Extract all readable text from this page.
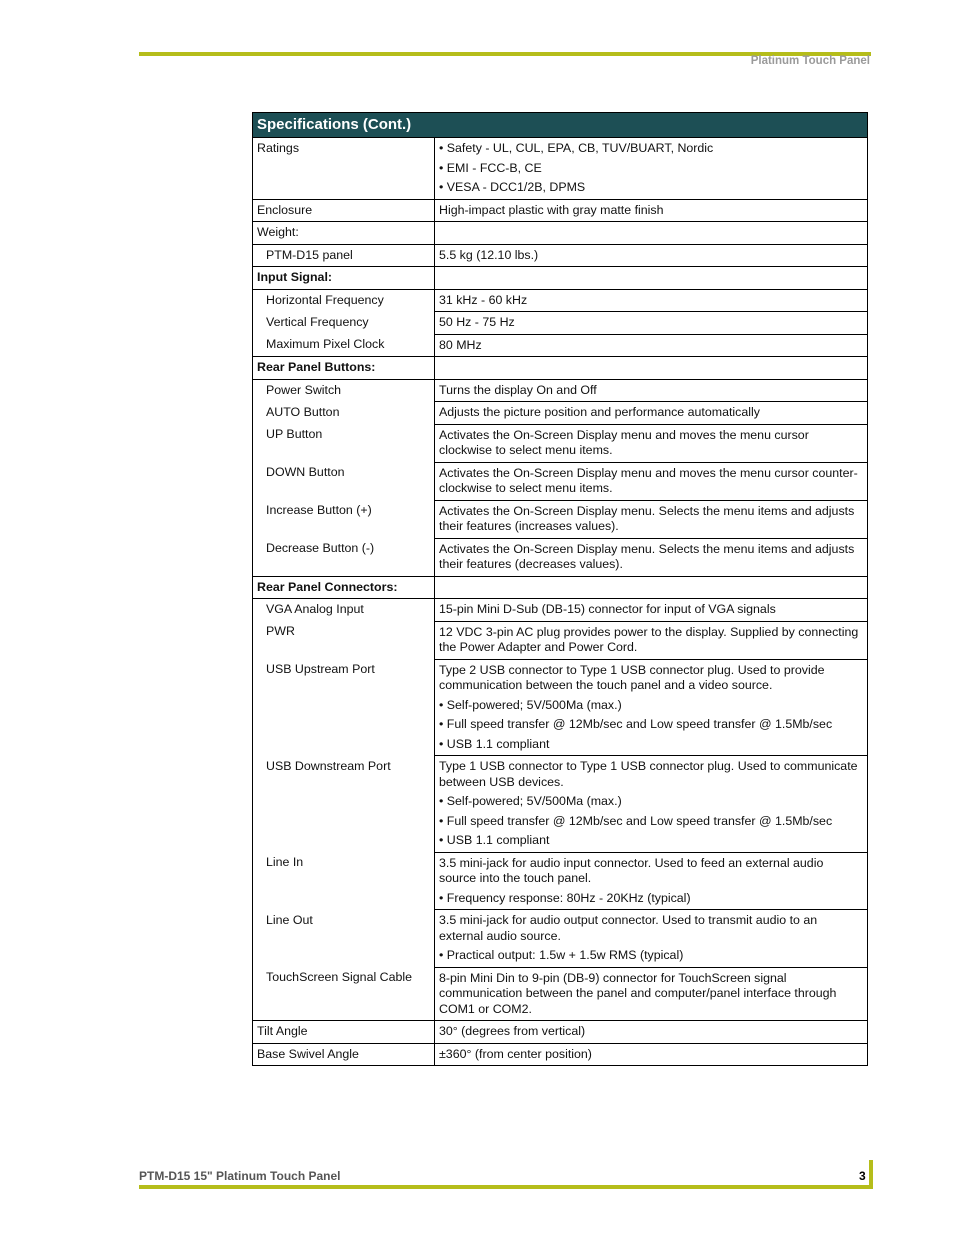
Platinum Touch Panel
Specifications (Cont.)	
Ratings	• Safety - UL, CUL, EPA, CB, TUV/BUART, Nordic
• EMI - FCC-B, CE
• VESA - DCC1/2B, DPMS

Enclosure	High-impact plastic with gray matte finish
Weight:	
PTM-D15 panel	5.5 kg (12.10 lbs.)
Input Signal:	
Horizontal Frequency	31 kHz - 60 kHz
Vertical Frequency	50 Hz - 75 Hz
Maximum Pixel Clock	80 MHz
Rear Panel Buttons:	
Power Switch	Turns the display On and Off
AUTO Button	Adjusts the picture position and performance automatically
UP Button	Activates the On-Screen Display menu and moves the menu cursor clockwise to select menu items.
DOWN Button	Activates the On-Screen Display menu and moves the menu cursor counter-clockwise to select menu items.
Increase Button (+)	Activates the On-Screen Display menu. Selects the menu items and adjusts their features (increases values).
Decrease Button (-)	Activates the On-Screen Display menu. Selects the menu items and adjusts their features (decreases values).
Rear Panel Connectors:	
VGA Analog Input	15-pin Mini D-Sub (DB-15) connector for input of VGA signals
PWR	12 VDC 3-pin AC plug provides power to the display. Supplied by connecting the Power Adapter and Power Cord.
USB Upstream Port	Type 2 USB connector to Type 1 USB connector plug. Used to provide communication between the touch panel and a video source.
• Self-powered; 5V/500Ma (max.)
• Full speed transfer @ 12Mb/sec and Low speed transfer @ 1.5Mb/sec
• USB 1.1 compliant

USB Downstream Port	Type 1 USB connector to Type 1 USB connector plug. Used to communicate between USB devices.
• Self-powered; 5V/500Ma (max.)
• Full speed transfer @ 12Mb/sec and Low speed transfer @ 1.5Mb/sec
• USB 1.1 compliant

Line In	3.5 mini-jack for audio input connector. Used to feed an external audio source into the touch panel.
• Frequency response: 80Hz - 20KHz (typical)

Line Out	3.5 mini-jack for audio output connector. Used to transmit audio to an external audio source.
• Practical output: 1.5w + 1.5w RMS (typical)

TouchScreen Signal Cable	8-pin Mini Din to 9-pin (DB-9) connector for TouchScreen signal communication between the panel and computer/panel interface through COM1 or COM2.
Tilt Angle	30° (degrees from vertical)
Base Swivel Angle	±360° (from center position)
PTM-D15 15" Platinum Touch Panel	3
